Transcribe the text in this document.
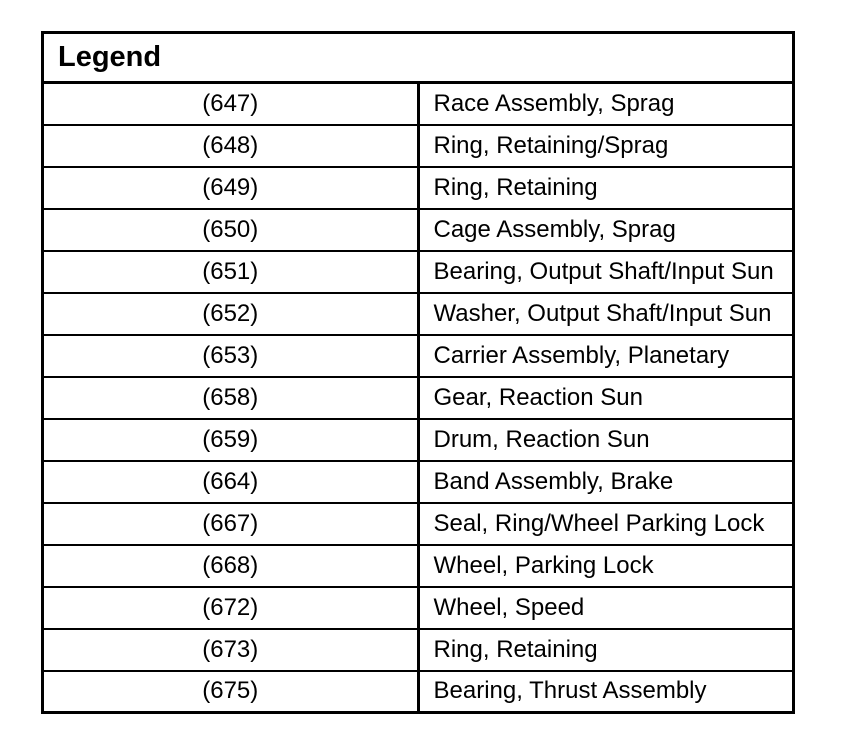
Legend	
(647)	Race Assembly, Sprag
(648)	Ring, Retaining/Sprag
(649)	Ring, Retaining
(650)	Cage Assembly, Sprag
(651)	Bearing, Output Shaft/Input Sun
(652)	Washer, Output Shaft/Input Sun
(653)	Carrier Assembly, Planetary
(658)	Gear, Reaction Sun
(659)	Drum, Reaction Sun
(664)	Band Assembly, Brake
(667)	Seal, Ring/Wheel Parking Lock
(668)	Wheel, Parking Lock
(672)	Wheel, Speed
(673)	Ring, Retaining
(675)	Bearing, Thrust Assembly
